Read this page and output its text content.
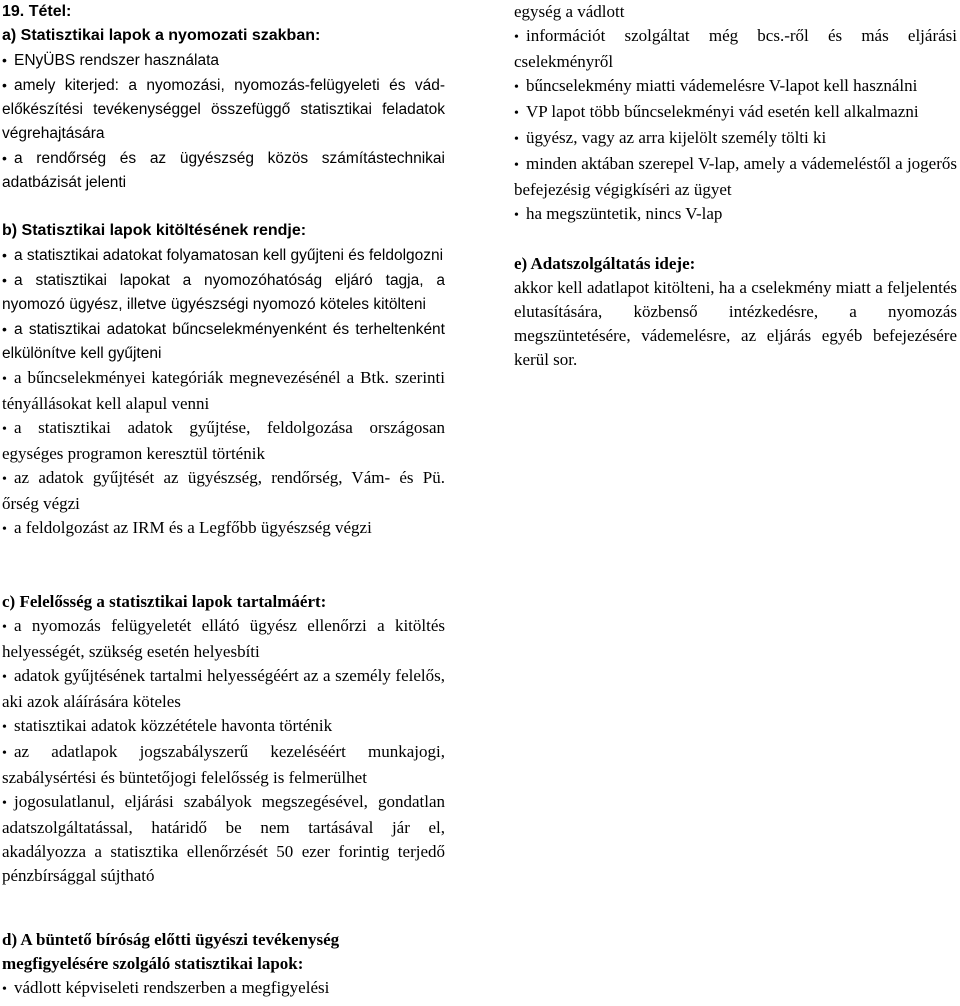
19. Tétel:

a) Statisztikai lapok a nyomozati szakban:

• ENyÜBS rendszer használata

• amely kiterjed: a nyomozási, nyomozás-felügyeleti és vád-előkészítési tevékenységgel összefüggő statisztikai feladatok végrehajtására

• a rendőrség és az ügyészség közös számítástechnikai adatbázisát jelenti

b) Statisztikai lapok kitöltésének rendje:

• a statisztikai adatokat folyamatosan kell gyűjteni és feldolgozni

• a statisztikai lapokat a nyomozóhatóság eljáró tagja, a nyomozó ügyész, illetve ügyészségi nyomozó köteles kitölteni

• a statisztikai adatokat bűncselekményenként és terheltenként elkülönítve kell gyűjteni

• a bűncselekményei kategóriák megnevezésénél a Btk. szerinti tényállásokat kell alapul venni

• a statisztikai adatok gyűjtése, feldolgozása országosan egységes programon keresztül történik

• az adatok gyűjtését az ügyészség, rendőrség, Vám- és Pü. őrség végzi

• a feldolgozást az IRM és a Legfőbb ügyészség végzi

c) Felelősség a statisztikai lapok tartalmáért:

• a nyomozás felügyeletét ellátó ügyész ellenőrzi a kitöltés helyességét, szükség esetén helyesbíti

• adatok gyűjtésének tartalmi helyességéért az a személy felelős, aki azok aláírására köteles

• statisztikai adatok közzététele havonta történik

• az adatlapok jogszabályszerű kezeléséért munkajogi, szabálysértési és büntetőjogi felelősség is felmerülhet

• jogosulatlanul, eljárási szabályok megszegésével, gondatlan adatszolgáltatással, határidő be nem tartásával jár el, akadályozza a statisztika ellenőrzését 50 ezer forintig terjedő pénzbírsággal sújtható

d) A büntető bíróság előtti ügyészi tevékenység megfigyelésére szolgáló statisztikai lapok:

• vádlott képviseleti rendszerben a megfigyelési

egység a vádlott

• információt szolgáltat még bcs.-ről és más eljárási cselekményről

• bűncselekmény miatti vádemelésre V-lapot kell használni

• VP lapot több bűncselekményi vád esetén kell alkalmazni

• ügyész, vagy az arra kijelölt személy tölti ki

• minden aktában szerepel V-lap, amely a vádemeléstől a jogerős befejezésig végigkíséri az ügyet

• ha megszüntetik, nincs V-lap

e) Adatszolgáltatás ideje:

akkor kell adatlapot kitölteni, ha a cselekmény miatt a feljelentés elutasítására, közbenső intézkedésre, a nyomozás megszüntetésére, vádemelésre, az eljárás egyéb befejezésére kerül sor.
